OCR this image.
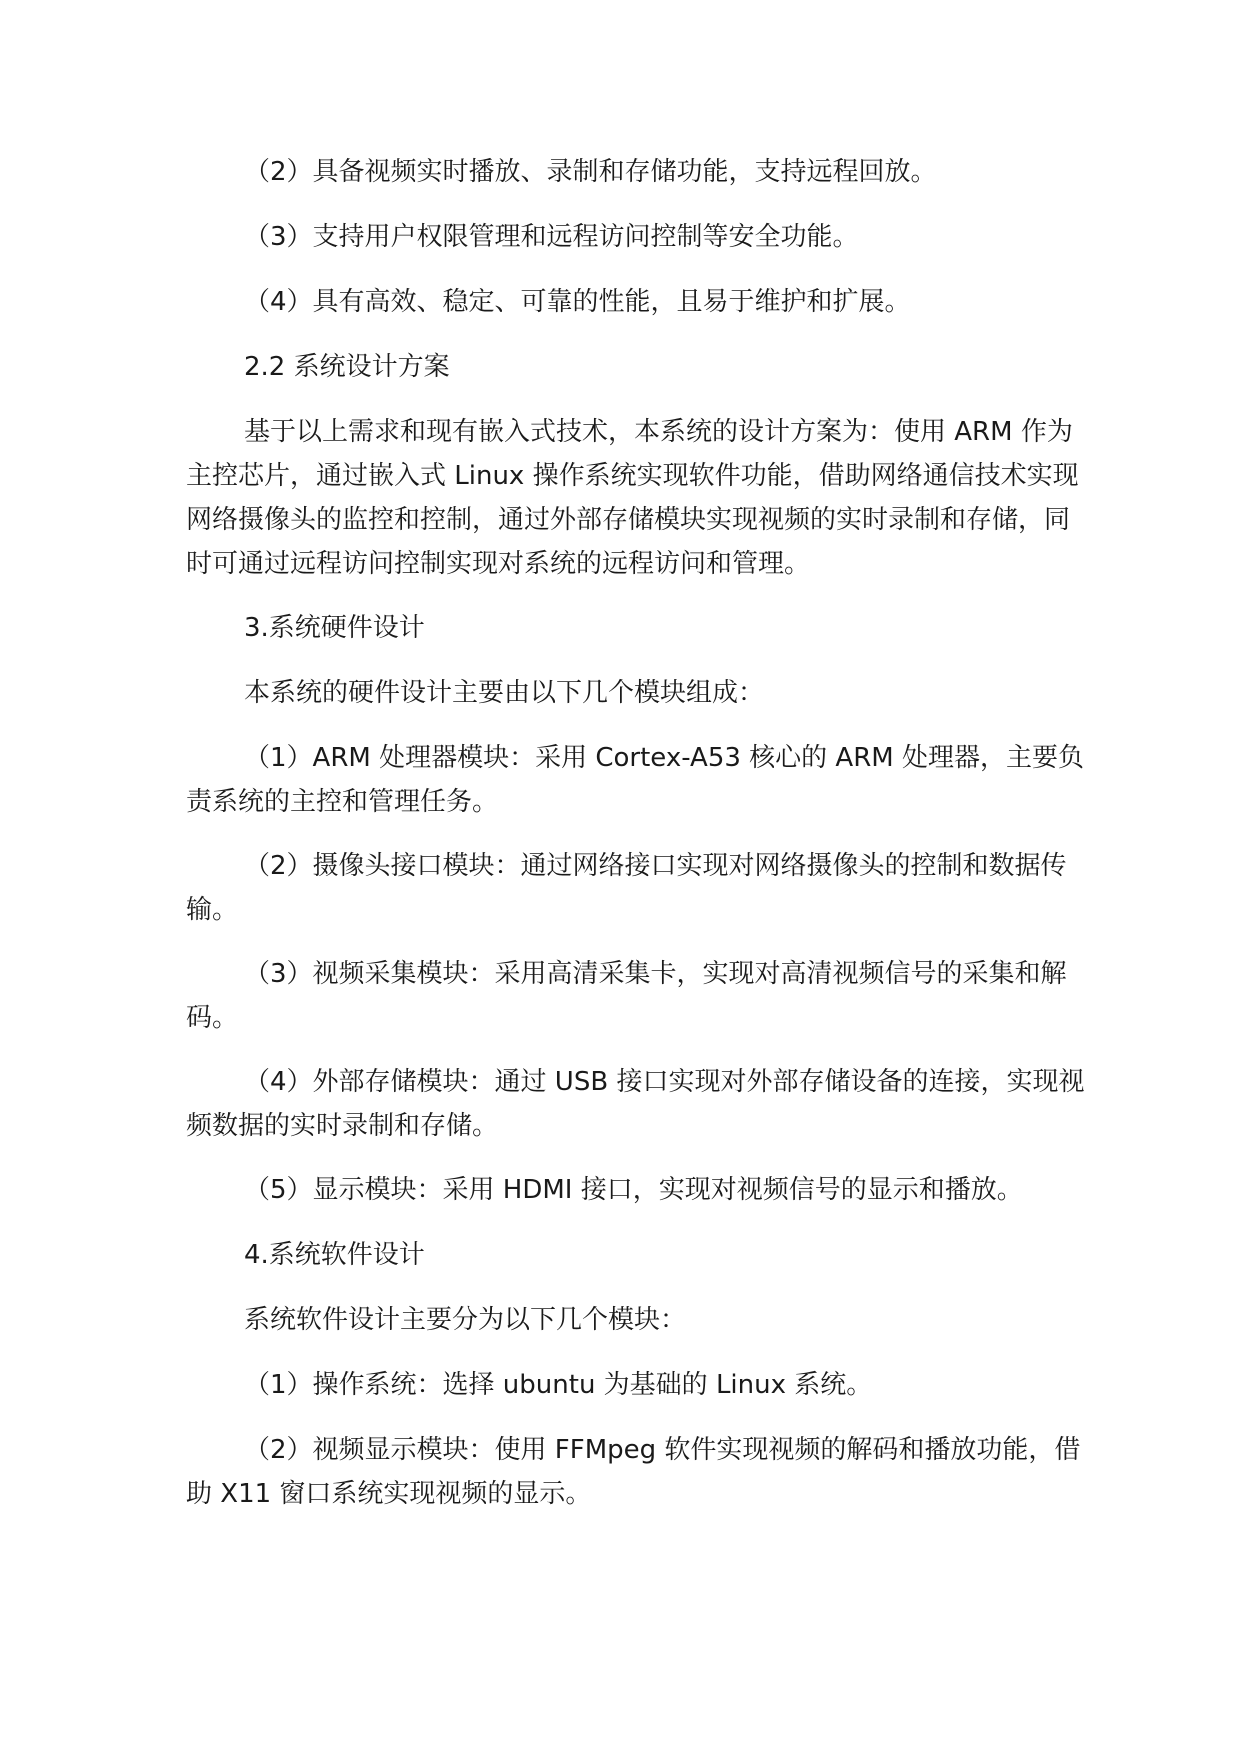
（2）具备视频实时播放、录制和存储功能，支持远程回放。

（3）支持用户权限管理和远程访问控制等安全功能。

（4）具有高效、稳定、可靠的性能，且易于维护和扩展。

2.2 系统设计方案

基于以上需求和现有嵌入式技术，本系统的设计方案为：使用 ARM 作为主控芯片，通过嵌入式 Linux 操作系统实现软件功能，借助网络通信技术实现网络摄像头的监控和控制，通过外部存储模块实现视频的实时录制和存储，同时可通过远程访问控制实现对系统的远程访问和管理。

3.系统硬件设计

本系统的硬件设计主要由以下几个模块组成：

（1）ARM 处理器模块：采用 Cortex-A53 核心的 ARM 处理器，主要负责系统的主控和管理任务。

（2）摄像头接口模块：通过网络接口实现对网络摄像头的控制和数据传输。

（3）视频采集模块：采用高清采集卡，实现对高清视频信号的采集和解码。

（4）外部存储模块：通过 USB 接口实现对外部存储设备的连接，实现视频数据的实时录制和存储。

（5）显示模块：采用 HDMI 接口，实现对视频信号的显示和播放。

4.系统软件设计

系统软件设计主要分为以下几个模块：

（1）操作系统：选择 ubuntu 为基础的 Linux 系统。

（2）视频显示模块：使用 FFMpeg 软件实现视频的解码和播放功能，借助 X11 窗口系统实现视频的显示。
